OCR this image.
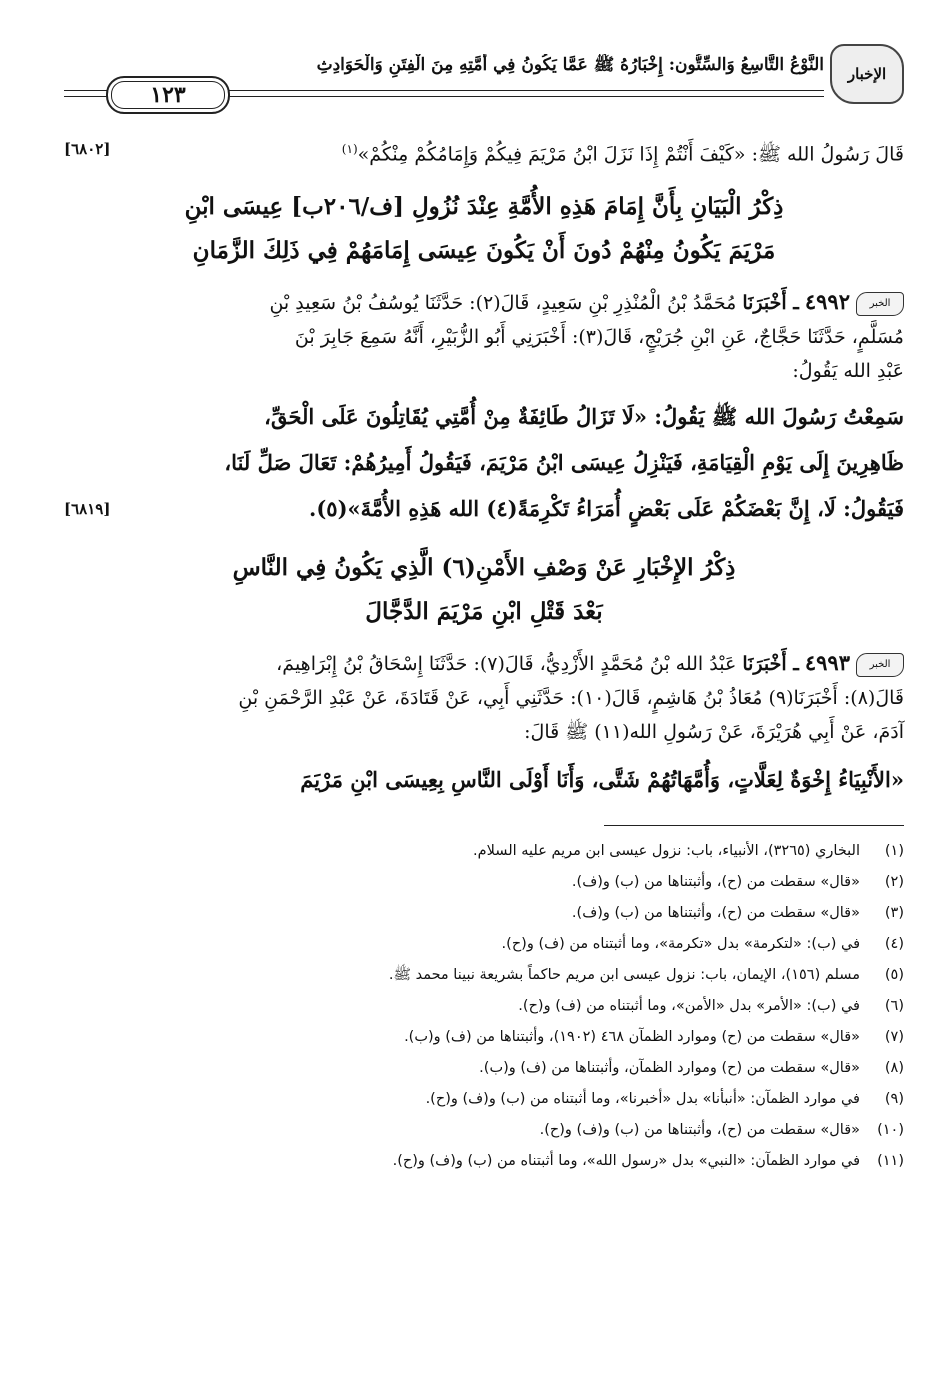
الإخبار
النَّوْعُ التَّاسِعُ وَالسِّتُّون: إِخْبَارُهُ ﷺ عَمَّا يَكُونُ فِي أُمَّتِهِ مِنَ الْفِتَنِ وَالْحَوَادِثِ
١٢٣
قَالَ رَسُولُ الله ﷺ: «كَيْفَ أَنْتُمْ إِذَا نَزَلَ ابْنُ مَرْيَمَ فِيكُمْ وَإِمَامُكُمْ مِنْكُمْ»$^{(١)}$
[٦٨٠٢]
ذِكْرُ الْبَيَانِ بِأَنَّ إِمَامَ هَذِهِ الأُمَّةِ عِنْدَ نُزُولِ [ف/٢٠٦ب] عِيسَى ابْنِ
مَرْيَمَ يَكُونُ مِنْهُمْ دُونَ أَنْ يَكُونَ عِيسَى إِمَامَهُمْ فِي ذَلِكَ الزَّمَانِ
الخبر٤٩٩٢ ـ أَخْبَرَنَا مُحَمَّدُ بْنُ الْمُنْذِرِ بْنِ سَعِيدٍ، قَالَ(٢): حَدَّثَنَا يُوسُفُ بْنُ سَعِيدِ بْنِ
مُسَلَّمٍ، حَدَّثَنَا حَجَّاجٌ، عَنِ ابْنِ جُرَيْجٍ، قَالَ(٣): أَخْبَرَنِي أَبُو الزُّبَيْرِ، أَنَّهُ سَمِعَ جَابِرَ بْنَ
عَبْدِ الله يَقُولُ:
سَمِعْتُ رَسُولَ الله ﷺ يَقُولُ: «لَا تَزَالُ طَائِفَةٌ مِنْ أُمَّتِي يُقَاتِلُونَ عَلَى الْحَقِّ،
ظَاهِرِينَ إِلَى يَوْمِ الْقِيَامَةِ، فَيَنْزِلُ عِيسَى ابْنُ مَرْيَمَ، فَيَقُولُ أَمِيرُهُمْ: تَعَالَ صَلِّ لَنَا،
فَيَقُولُ: لَا، إِنَّ بَعْضَكُمْ عَلَى بَعْضٍ أُمَرَاءُ تَكْرِمَةً(٤) الله هَذِهِ الأُمَّةَ»(٥).
[٦٨١٩]
ذِكْرُ الإِخْبَارِ عَنْ وَصْفِ الأَمْنِ(٦) الَّذِي يَكُونُ فِي النَّاسِ
بَعْدَ قَتْلِ ابْنِ مَرْيَمَ الدَّجَّالَ
الخبر٤٩٩٣ ـ أَخْبَرَنَا عَبْدُ الله بْنُ مُحَمَّدٍ الأَزْدِيُّ، قَالَ(٧): حَدَّثَنَا إِسْحَاقُ بْنُ إِبْرَاهِيمَ،
قَالَ(٨): أَخْبَرَنَا(٩) مُعَاذُ بْنُ هَاشِمٍ، قَالَ(١٠): حَدَّثَنِي أَبِي، عَنْ قَتَادَةَ، عَنْ عَبْدِ الرَّحْمَنِ بْنِ
آدَمَ، عَنْ أَبِي هُرَيْرَةَ، عَنْ رَسُولِ الله(١١) ﷺ قَالَ:
«الأَنْبِيَاءُ إِخْوَةٌ لِعَلَّاتٍ، وَأُمَّهَاتُهُمْ شَتَّى، وَأَنَا أَوْلَى النَّاسِ بِعِيسَى ابْنِ مَرْيَمَ
(١)
البخاري (٣٢٦٥)، الأنبياء، باب: نزول عيسى ابن مريم عليه السلام.
(٢)
«قال» سقطت من (ح)، وأثبتناها من (ب) و(ف).
(٣)
«قال» سقطت من (ح)، وأثبتناها من (ب) و(ف).
(٤)
في (ب): «لتكرمة» بدل «تكرمة»، وما أثبتناه من (ف) و(ح).
(٥)
مسلم (١٥٦)، الإيمان، باب: نزول عيسى ابن مريم حاكماً بشريعة نبينا محمد ﷺ.
(٦)
في (ب): «الأمر» بدل «الأمن»، وما أثبتناه من (ف) و(ح).
(٧)
«قال» سقطت من (ح) وموارد الظمآن ٤٦٨ (١٩٠٢)، وأثبتناها من (ف) و(ب).
(٨)
«قال» سقطت من (ح) وموارد الظمآن، وأثبتناها من (ف) و(ب).
(٩)
في موارد الظمآن: «أنبأنا» بدل «أخبرنا»، وما أثبتناه من (ب) و(ف) و(ح).
(١٠)
«قال» سقطت من (ح)، وأثبتناها من (ب) و(ف) و(ح).
(١١)
في موارد الظمآن: «النبي» بدل «رسول الله»، وما أثبتناه من (ب) و(ف) و(ح).
